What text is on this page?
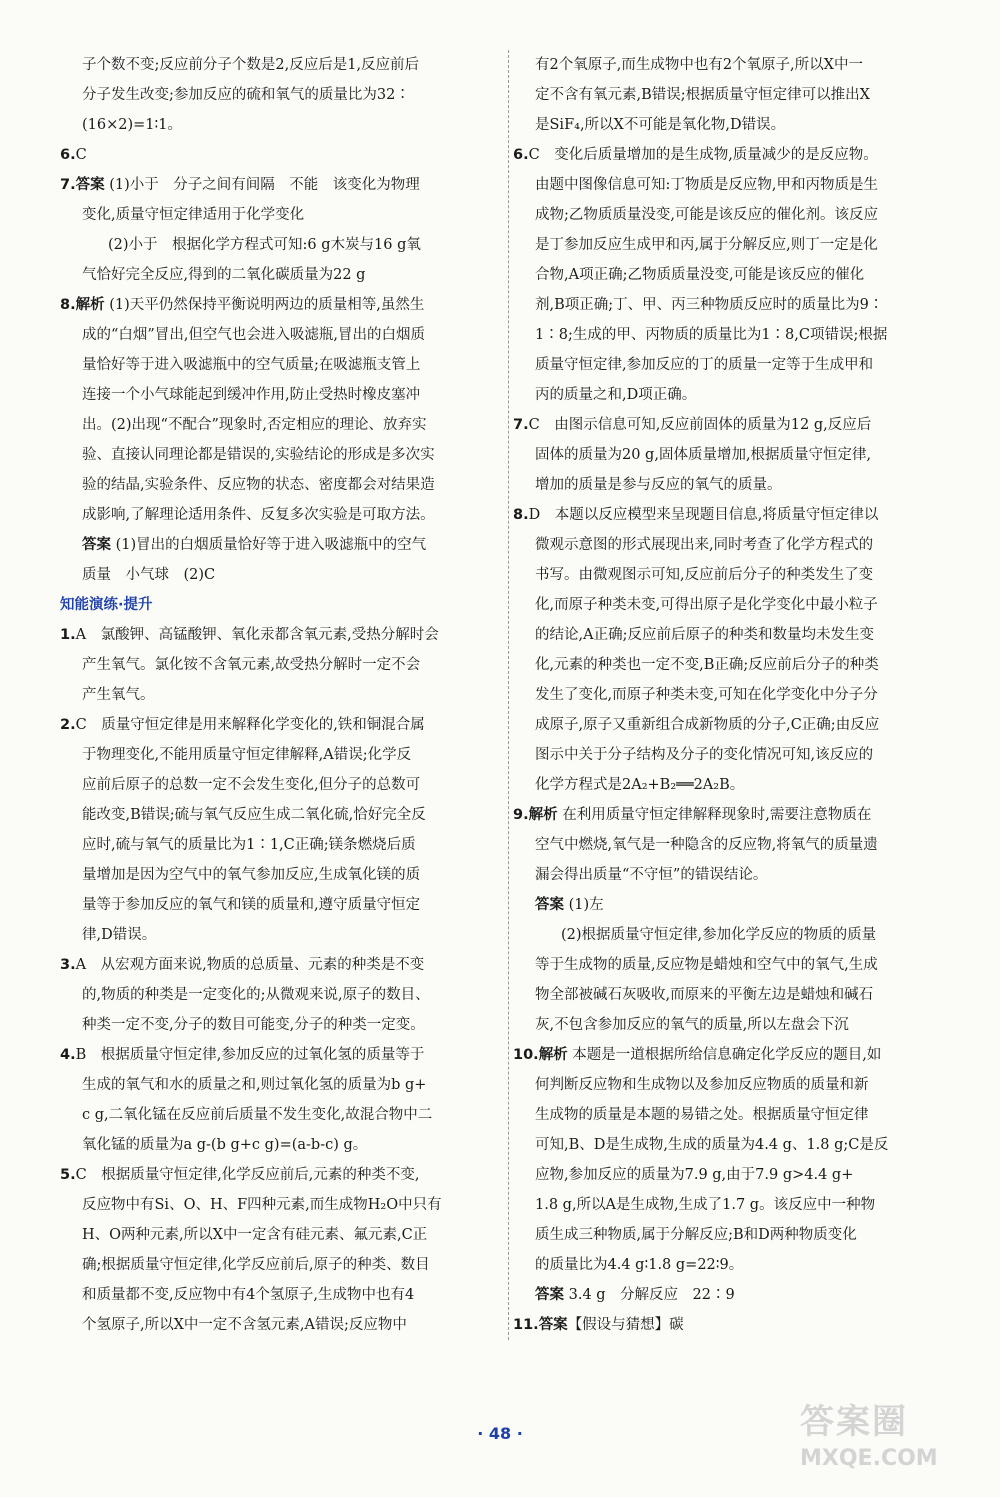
子个数不变;反应前分子个数是2,反应后是1,反应前后
分子发生改变;参加反应的硫和氧气的质量比为32∶
(16×2)=1∶1。
6.C
7.答案 (1)小于　分子之间有间隔　不能　该变化为物理
变化,质量守恒定律适用于化学变化
(2)小于　根据化学方程式可知:6 g木炭与16 g氧
气恰好完全反应,得到的二氧化碳质量为22 g
8.解析 (1)天平仍然保持平衡说明两边的质量相等,虽然生
成的“白烟”冒出,但空气也会进入吸滤瓶,冒出的白烟质
量恰好等于进入吸滤瓶中的空气质量;在吸滤瓶支管上
连接一个小气球能起到缓冲作用,防止受热时橡皮塞冲
出。(2)出现“不配合”现象时,否定相应的理论、放弃实
验、直接认同理论都是错误的,实验结论的形成是多次实
验的结晶,实验条件、反应物的状态、密度都会对结果造
成影响,了解理论适用条件、反复多次实验是可取方法。
答案 (1)冒出的白烟质量恰好等于进入吸滤瓶中的空气
质量　小气球　(2)C
知能演练·提升
1.A　氯酸钾、高锰酸钾、氧化汞都含氧元素,受热分解时会
产生氧气。氯化铵不含氧元素,故受热分解时一定不会
产生氧气。
2.C　质量守恒定律是用来解释化学变化的,铁和铜混合属
于物理变化,不能用质量守恒定律解释,A错误;化学反
应前后原子的总数一定不会发生变化,但分子的总数可
能改变,B错误;硫与氧气反应生成二氧化硫,恰好完全反
应时,硫与氧气的质量比为1∶1,C正确;镁条燃烧后质
量增加是因为空气中的氧气参加反应,生成氧化镁的质
量等于参加反应的氧气和镁的质量和,遵守质量守恒定
律,D错误。
3.A　从宏观方面来说,物质的总质量、元素的种类是不变
的,物质的种类是一定变化的;从微观来说,原子的数目、
种类一定不变,分子的数目可能变,分子的种类一定变。
4.B　根据质量守恒定律,参加反应的过氧化氢的质量等于
生成的氧气和水的质量之和,则过氧化氢的质量为b g+
c g,二氧化锰在反应前后质量不发生变化,故混合物中二
氧化锰的质量为a g-(b g+c g)=(a-b-c) g。
5.C　根据质量守恒定律,化学反应前后,元素的种类不变,
反应物中有Si、O、H、F四种元素,而生成物H₂O中只有
H、O两种元素,所以X中一定含有硅元素、氟元素,C正
确;根据质量守恒定律,化学反应前后,原子的种类、数目
和质量都不变,反应物中有4个氢原子,生成物中也有4
个氢原子,所以X中一定不含氢元素,A错误;反应物中
有2个氧原子,而生成物中也有2个氧原子,所以X中一
定不含有氧元素,B错误;根据质量守恒定律可以推出X
是SiF₄,所以X不可能是氧化物,D错误。
6.C　变化后质量增加的是生成物,质量减少的是反应物。
由题中图像信息可知:丁物质是反应物,甲和丙物质是生
成物;乙物质质量没变,可能是该反应的催化剂。该反应
是丁参加反应生成甲和丙,属于分解反应,则丁一定是化
合物,A项正确;乙物质质量没变,可能是该反应的催化
剂,B项正确;丁、甲、丙三种物质反应时的质量比为9∶
1∶8;生成的甲、丙物质的质量比为1∶8,C项错误;根据
质量守恒定律,参加反应的丁的质量一定等于生成甲和
丙的质量之和,D项正确。
7.C　由图示信息可知,反应前固体的质量为12 g,反应后
固体的质量为20 g,固体质量增加,根据质量守恒定律,
增加的质量是参与反应的氧气的质量。
8.D　本题以反应模型来呈现题目信息,将质量守恒定律以
微观示意图的形式展现出来,同时考查了化学方程式的
书写。由微观图示可知,反应前后分子的种类发生了变
化,而原子种类未变,可得出原子是化学变化中最小粒子
的结论,A正确;反应前后原子的种类和数量均未发生变
化,元素的种类也一定不变,B正确;反应前后分子的种类
发生了变化,而原子种类未变,可知在化学变化中分子分
成原子,原子又重新组合成新物质的分子,C正确;由反应
图示中关于分子结构及分子的变化情况可知,该反应的
化学方程式是2A₂+B₂══2A₂B。
9.解析 在利用质量守恒定律解释现象时,需要注意物质在
空气中燃烧,氧气是一种隐含的反应物,将氧气的质量遗
漏会得出质量“不守恒”的错误结论。
答案 (1)左
(2)根据质量守恒定律,参加化学反应的物质的质量
等于生成物的质量,反应物是蜡烛和空气中的氧气,生成
物全部被碱石灰吸收,而原来的平衡左边是蜡烛和碱石
灰,不包含参加反应的氧气的质量,所以左盘会下沉
10.解析 本题是一道根据所给信息确定化学反应的题目,如
何判断反应物和生成物以及参加反应物质的质量和新
生成物的质量是本题的易错之处。根据质量守恒定律
可知,B、D是生成物,生成的质量为4.4 g、1.8 g;C是反
应物,参加反应的质量为7.9 g,由于7.9 g>4.4 g+
1.8 g,所以A是生成物,生成了1.7 g。该反应中一种物
质生成三种物质,属于分解反应;B和D两种物质变化
的质量比为4.4 g∶1.8 g=22∶9。
答案 3.4 g　分解反应　22∶9
11.答案【假设与猜想】碳
· 48 ·	答案圈
MXQE.COM
